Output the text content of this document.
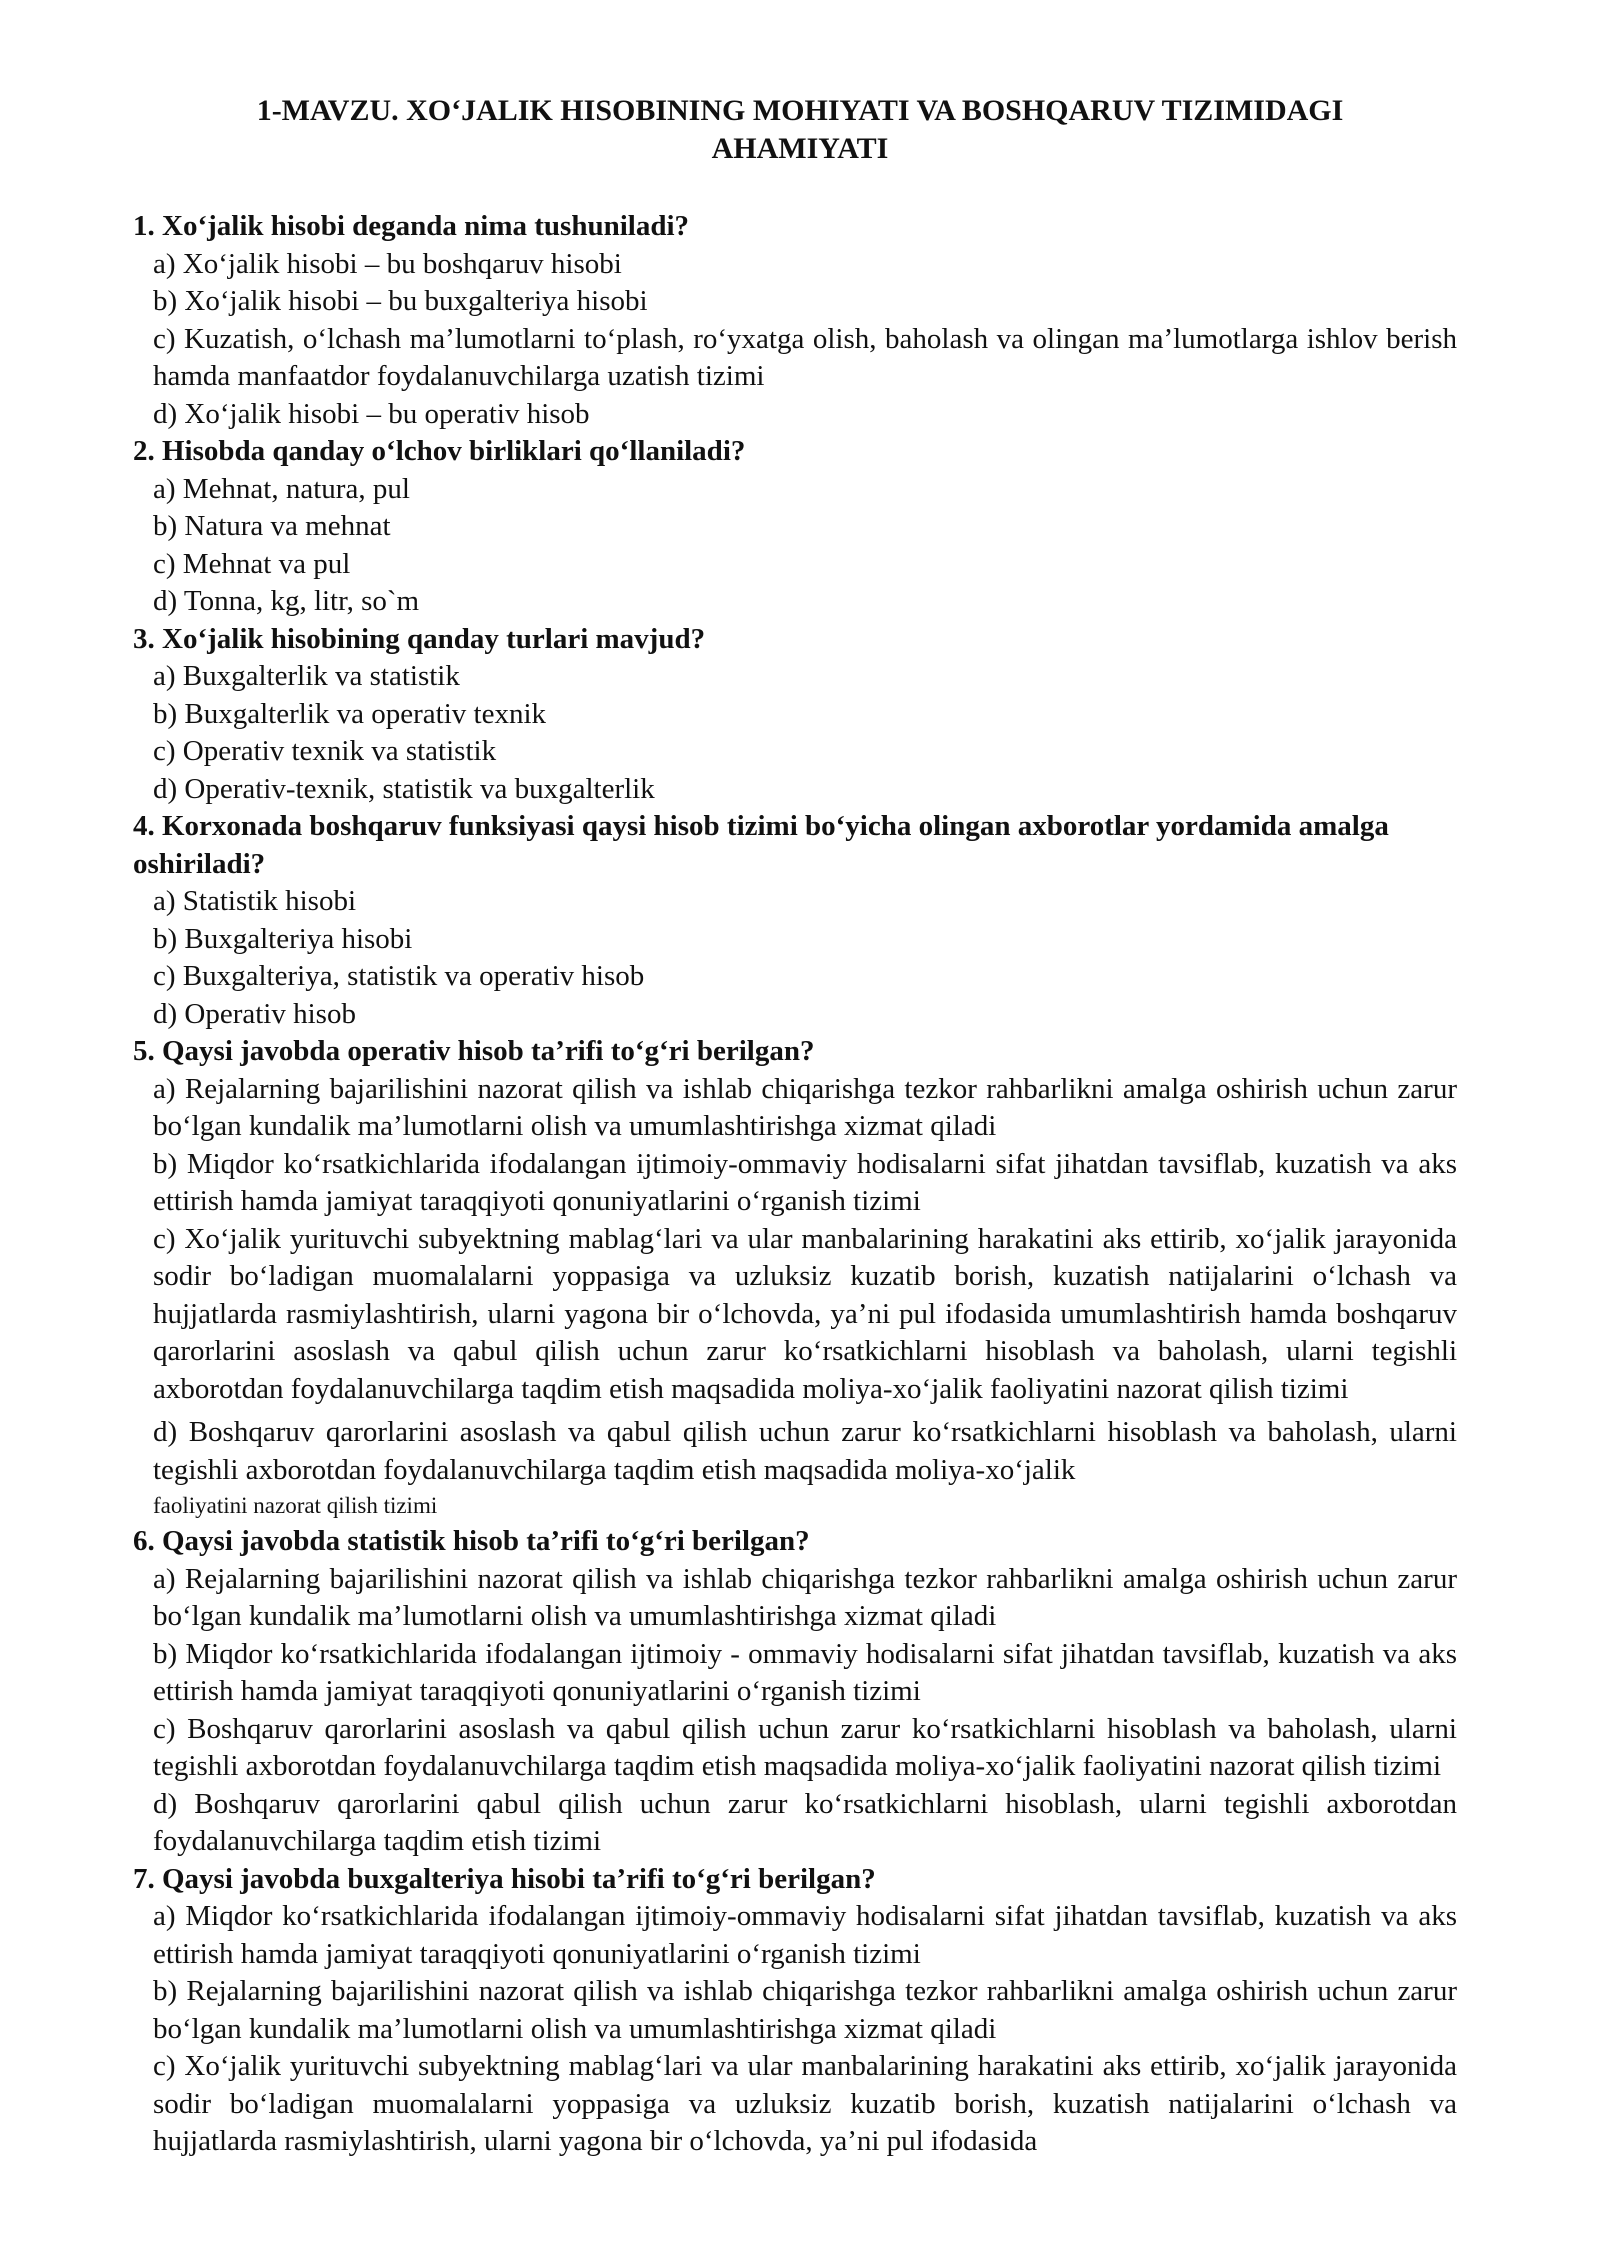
1-MAVZU. XO‘JALIK HISOBINING MOHIYATI VA BOSHQARUV TIZIMIDAGI
AHAMIYATI
1. Xo‘jalik hisobi deganda nima tushuniladi?
a) Xo‘jalik hisobi – bu boshqaruv hisobi
b) Xo‘jalik hisobi – bu buxgalteriya hisobi
c) Kuzatish, o‘lchash ma’lumotlarni to‘plash, ro‘yxatga olish, baholash va olingan ma’lumotlarga ishlov berish hamda manfaatdor foydalanuvchilarga uzatish tizimi
d) Xo‘jalik hisobi – bu operativ hisob
2. Hisobda qanday o‘lchov birliklari qo‘llaniladi?
a) Mehnat, natura, pul
b) Natura va mehnat
c) Mehnat va pul
d) Tonna, kg, litr, so`m
3. Xo‘jalik hisobining qanday turlari mavjud?
a) Buxgalterlik va statistik
b) Buxgalterlik va operativ texnik
c) Operativ texnik va statistik
d) Operativ-texnik, statistik va buxgalterlik
4. Korxonada boshqaruv funksiyasi qaysi hisob tizimi bo‘yicha olingan axborotlar yordamida amalga oshiriladi?
a) Statistik hisobi
b) Buxgalteriya hisobi
c) Buxgalteriya, statistik va operativ hisob
d) Operativ hisob
5. Qaysi javobda operativ hisob ta’rifi to‘g‘ri berilgan?
a) Rejalarning bajarilishini nazorat qilish va ishlab chiqarishga tezkor rahbarlikni amalga oshirish uchun zarur bo‘lgan kundalik ma’lumotlarni olish va umumlashtirishga xizmat qiladi
b) Miqdor ko‘rsatkichlarida ifodalangan ijtimoiy-ommaviy hodisalarni sifat jihatdan tavsiflab, kuzatish va aks ettirish hamda jamiyat taraqqiyoti qonuniyatlarini o‘rganish tizimi
c) Xo‘jalik yurituvchi subyektning mablag‘lari va ular manbalarining harakatini aks ettirib, xo‘jalik jarayonida sodir bo‘ladigan muomalalarni yoppasiga va uzluksiz kuzatib borish, kuzatish natijalarini o‘lchash va hujjatlarda rasmiylashtirish, ularni yagona bir o‘lchovda, ya’ni pul ifodasida umumlashtirish hamda boshqaruv qarorlarini asoslash va qabul qilish uchun zarur ko‘rsatkichlarni hisoblash va baholash, ularni tegishli axborotdan foydalanuvchilarga taqdim etish maqsadida moliya-xo‘jalik faoliyatini nazorat qilish tizimi
d) Boshqaruv qarorlarini asoslash va qabul qilish uchun zarur ko‘rsatkichlarni hisoblash va baholash, ularni tegishli axborotdan foydalanuvchilarga taqdim etish maqsadida moliya-xo‘jalik
faoliyatini nazorat qilish tizimi
6. Qaysi javobda statistik hisob ta’rifi to‘g‘ri berilgan?
a) Rejalarning bajarilishini nazorat qilish va ishlab chiqarishga tezkor rahbarlikni amalga oshirish uchun zarur bo‘lgan kundalik ma’lumotlarni olish va umumlashtirishga xizmat qiladi
b) Miqdor ko‘rsatkichlarida ifodalangan ijtimoiy - ommaviy hodisalarni sifat jihatdan tavsiflab, kuzatish va aks ettirish hamda jamiyat taraqqiyoti qonuniyatlarini o‘rganish tizimi
c) Boshqaruv qarorlarini asoslash va qabul qilish uchun zarur ko‘rsatkichlarni hisoblash va baholash, ularni tegishli axborotdan foydalanuvchilarga taqdim etish maqsadida moliya-xo‘jalik faoliyatini nazorat qilish tizimi
d) Boshqaruv qarorlarini qabul qilish uchun zarur ko‘rsatkichlarni hisoblash, ularni tegishli axborotdan foydalanuvchilarga taqdim etish tizimi
7. Qaysi javobda buxgalteriya hisobi ta’rifi to‘g‘ri berilgan?
a) Miqdor ko‘rsatkichlarida ifodalangan ijtimoiy-ommaviy hodisalarni sifat jihatdan tavsiflab, kuzatish va aks ettirish hamda jamiyat taraqqiyoti qonuniyatlarini o‘rganish tizimi
b) Rejalarning bajarilishini nazorat qilish va ishlab chiqarishga tezkor rahbarlikni amalga oshirish uchun zarur bo‘lgan kundalik ma’lumotlarni olish va umumlashtirishga xizmat qiladi
c) Xo‘jalik yurituvchi subyektning mablag‘lari va ular manbalarining harakatini aks ettirib, xo‘jalik jarayonida sodir bo‘ladigan muomalalarni yoppasiga va uzluksiz kuzatib borish, kuzatish natijalarini o‘lchash va hujjatlarda rasmiylashtirish, ularni yagona bir o‘lchovda, ya’ni pul ifodasida
